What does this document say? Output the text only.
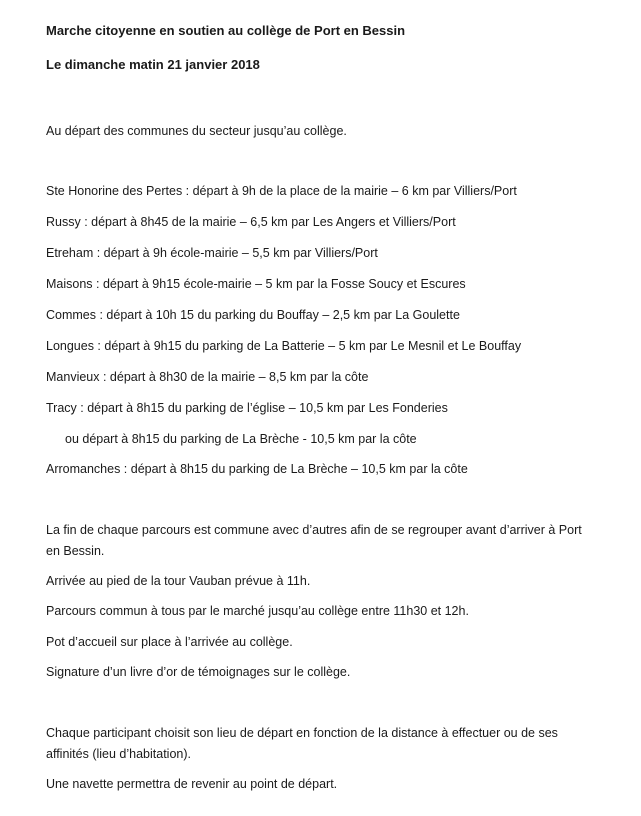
Marche citoyenne en soutien au collège de Port en Bessin
Le dimanche matin 21 janvier 2018
Au départ des communes du secteur jusqu’au collège.
Ste Honorine des Pertes : départ à 9h de la place de la mairie – 6 km par Villiers/Port
Russy : départ à 8h45 de la mairie – 6,5 km par Les Angers et Villiers/Port
Etreham : départ à 9h école-mairie – 5,5 km par Villiers/Port
Maisons : départ à 9h15 école-mairie – 5 km par la Fosse Soucy et Escures
Commes : départ à 10h 15 du parking du Bouffay – 2,5 km par La Goulette
Longues : départ à 9h15 du parking de La Batterie – 5 km par Le Mesnil et Le Bouffay
Manvieux : départ à 8h30 de la mairie – 8,5 km par la côte
Tracy : départ à 8h15 du parking de l’église – 10,5 km par Les Fonderies
ou départ à 8h15 du parking de La Brèche - 10,5 km par la côte
Arromanches : départ à 8h15 du parking de La Brèche – 10,5 km par la côte
La fin de chaque parcours est commune avec d’autres afin de se regrouper avant d’arriver à Port en Bessin.
Arrivée au pied de la tour Vauban prévue à 11h.
Parcours commun à tous par le marché jusqu’au collège entre 11h30 et 12h.
Pot d’accueil sur place à l’arrivée au collège.
Signature d’un livre d’or de témoignages sur le collège.
Chaque participant choisit son lieu de départ en fonction de la distance à effectuer ou de ses affinités (lieu d’habitation).
Une navette permettra de revenir au point de départ.
